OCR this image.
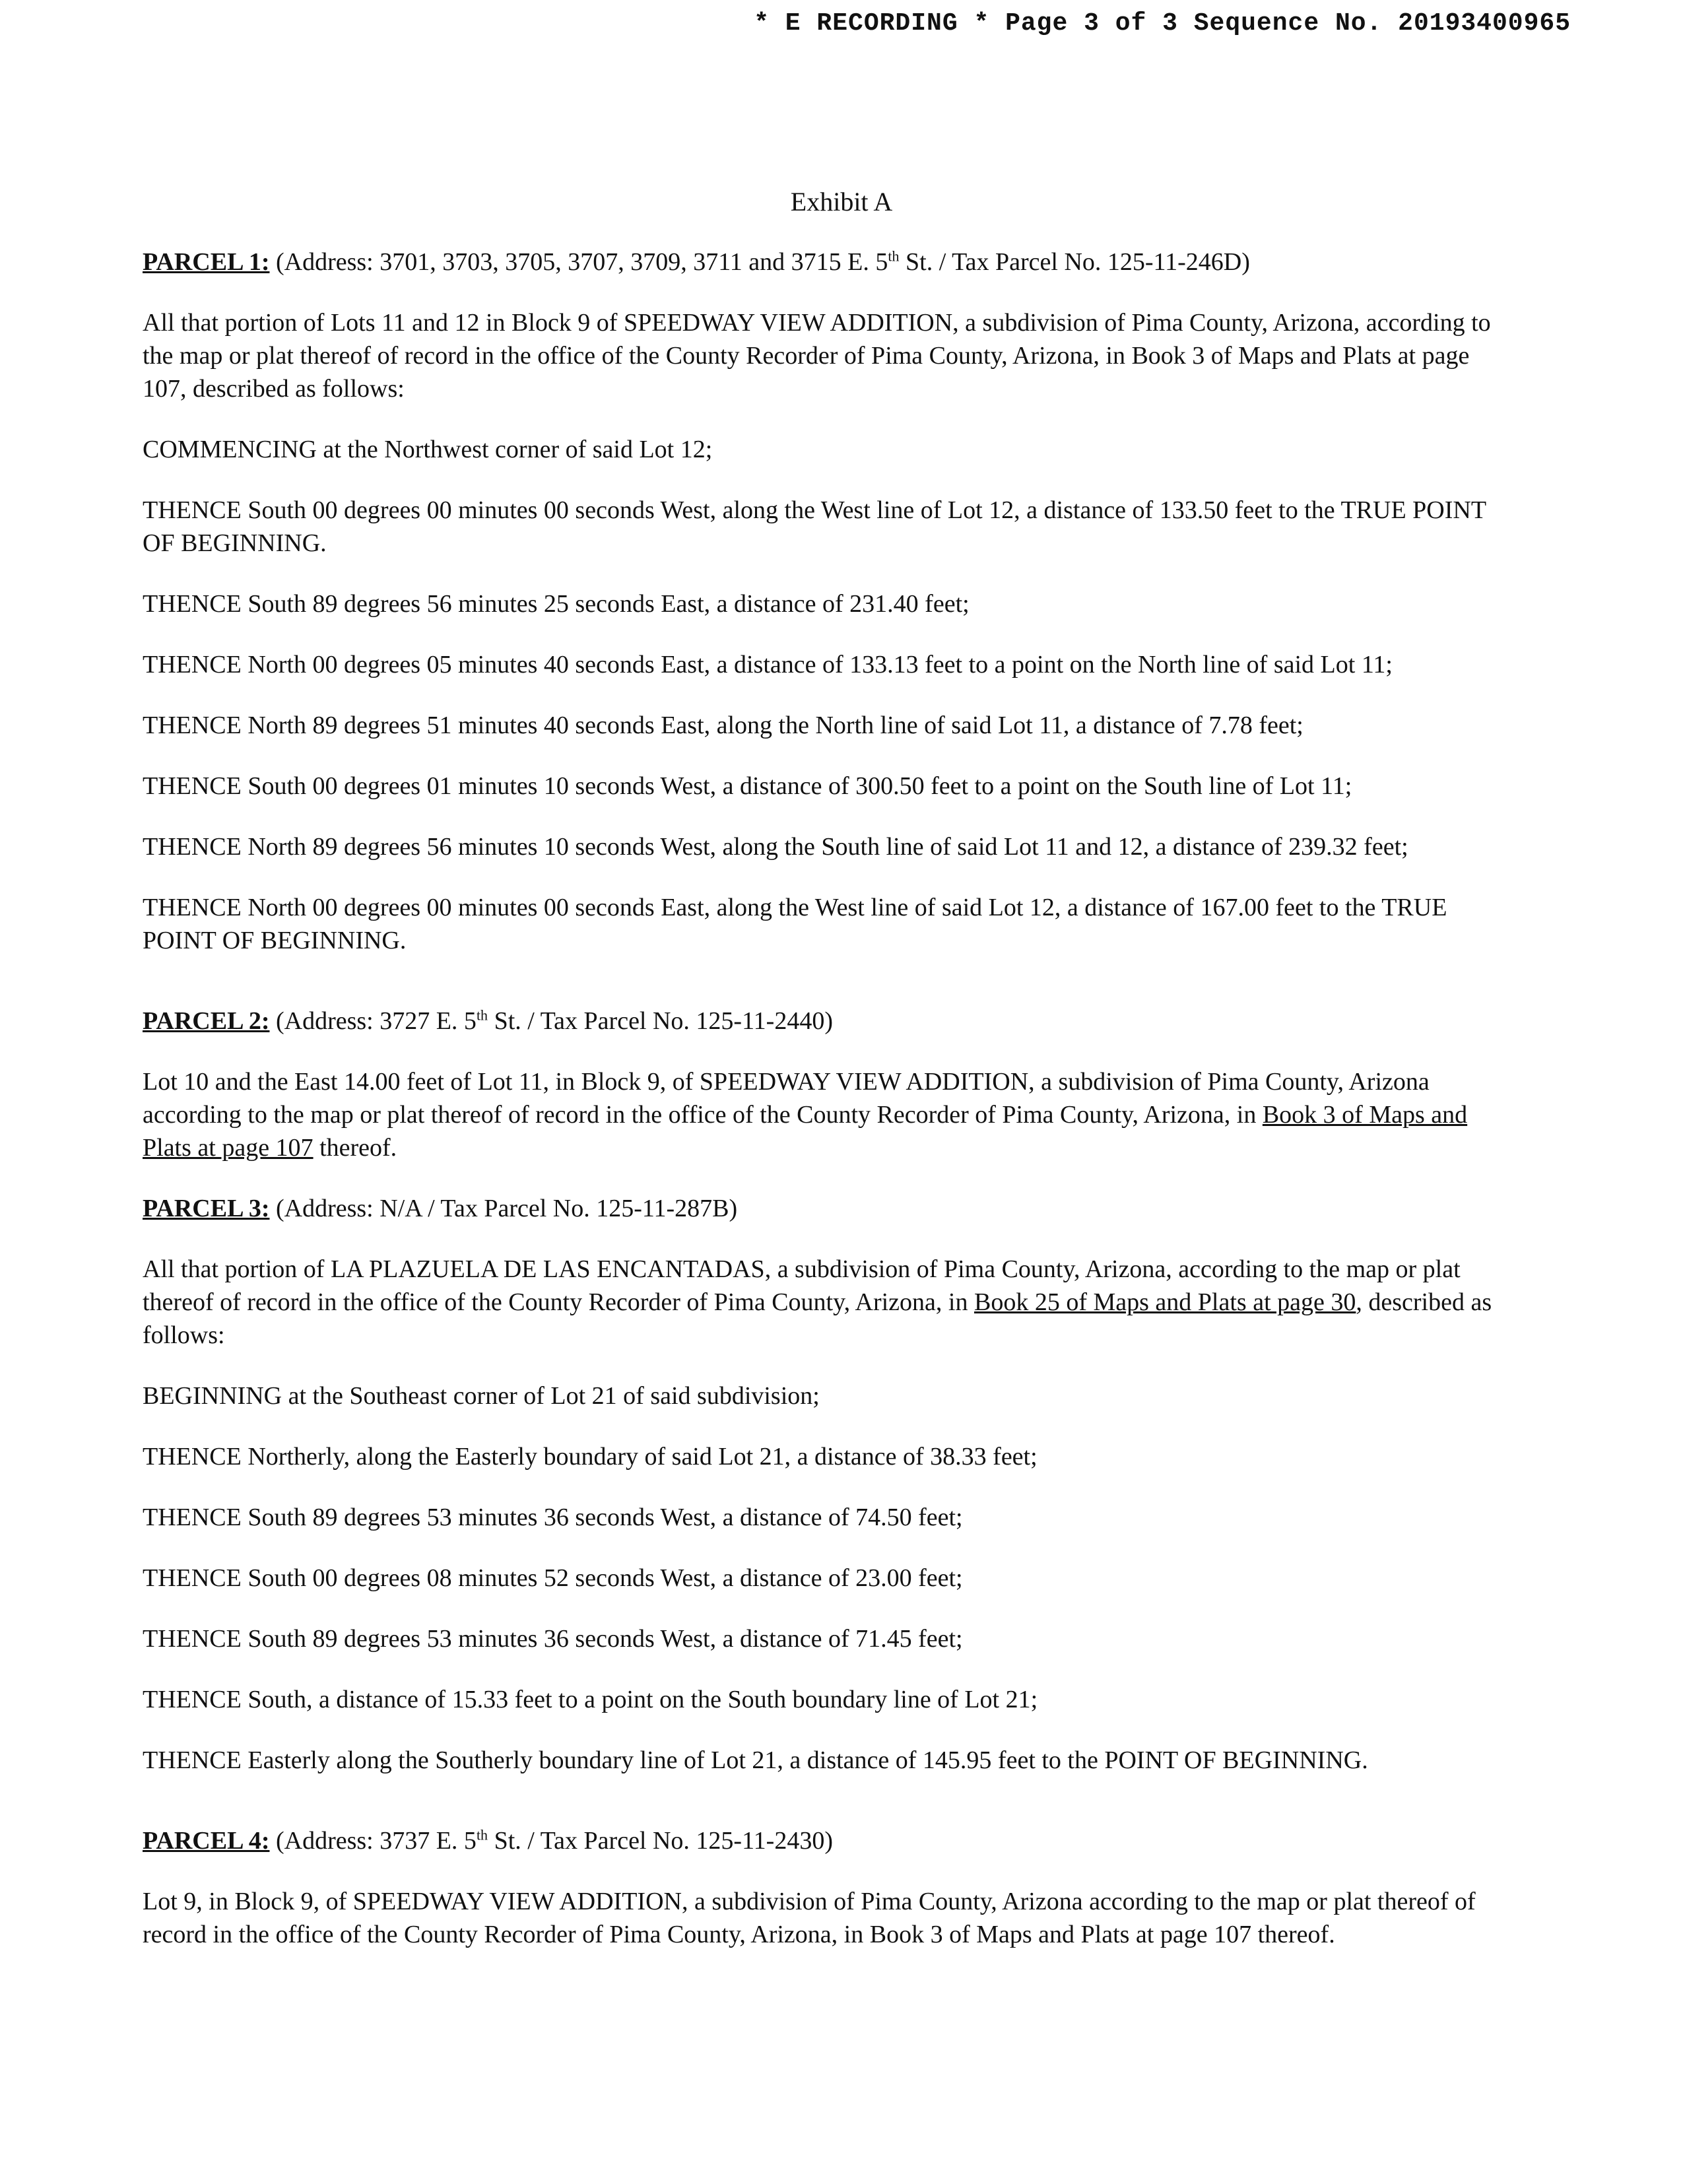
* E RECORDING * Page 3 of 3 Sequence No. 20193400965
Exhibit A

PARCEL 1: (Address: 3701, 3703, 3705, 3707, 3709, 3711 and 3715 E. 5th St. / Tax Parcel No. 125-11-246D)

All that portion of Lots 11 and 12 in Block 9 of SPEEDWAY VIEW ADDITION, a subdivision of Pima County, Arizona, according to the map or plat thereof of record in the office of the County Recorder of Pima County, Arizona, in Book 3 of Maps and Plats at page 107, described as follows:

COMMENCING at the Northwest corner of said Lot 12;

THENCE South 00 degrees 00 minutes 00 seconds West, along the West line of Lot 12, a distance of 133.50 feet to the TRUE POINT OF BEGINNING.

THENCE South 89 degrees 56 minutes 25 seconds East, a distance of 231.40 feet;

THENCE North 00 degrees 05 minutes 40 seconds East, a distance of 133.13 feet to a point on the North line of said Lot 11;

THENCE North 89 degrees 51 minutes 40 seconds East, along the North line of said Lot 11, a distance of 7.78 feet;

THENCE South 00 degrees 01 minutes 10 seconds West, a distance of 300.50 feet to a point on the South line of Lot 11;

THENCE North 89 degrees 56 minutes 10 seconds West, along the South line of said Lot 11 and 12, a distance of 239.32 feet;

THENCE North 00 degrees 00 minutes 00 seconds East, along the West line of said Lot 12, a distance of 167.00 feet to the TRUE POINT OF BEGINNING.

PARCEL 2: (Address: 3727 E. 5th St. / Tax Parcel No. 125-11-2440)

Lot 10 and the East 14.00 feet of Lot 11, in Block 9, of SPEEDWAY VIEW ADDITION, a subdivision of Pima County, Arizona according to the map or plat thereof of record in the office of the County Recorder of Pima County, Arizona, in Book 3 of Maps and Plats at page 107 thereof.

PARCEL 3: (Address: N/A / Tax Parcel No. 125-11-287B)

All that portion of LA PLAZUELA DE LAS ENCANTADAS, a subdivision of Pima County, Arizona, according to the map or plat thereof of record in the office of the County Recorder of Pima County, Arizona, in Book 25 of Maps and Plats at page 30, described as follows:

BEGINNING at the Southeast corner of Lot 21 of said subdivision;

THENCE Northerly, along the Easterly boundary of said Lot 21, a distance of 38.33 feet;

THENCE South 89 degrees 53 minutes 36 seconds West, a distance of 74.50 feet;

THENCE South 00 degrees 08 minutes 52 seconds West, a distance of 23.00 feet;

THENCE South 89 degrees 53 minutes 36 seconds West, a distance of 71.45 feet;

THENCE South, a distance of 15.33 feet to a point on the South boundary line of Lot 21;

THENCE Easterly along the Southerly boundary line of Lot 21, a distance of 145.95 feet to the POINT OF BEGINNING.

PARCEL 4: (Address: 3737 E. 5th St. / Tax Parcel No. 125-11-2430)

Lot 9, in Block 9, of SPEEDWAY VIEW ADDITION, a subdivision of Pima County, Arizona according to the map or plat thereof of record in the office of the County Recorder of Pima County, Arizona, in Book 3 of Maps and Plats at page 107 thereof.
